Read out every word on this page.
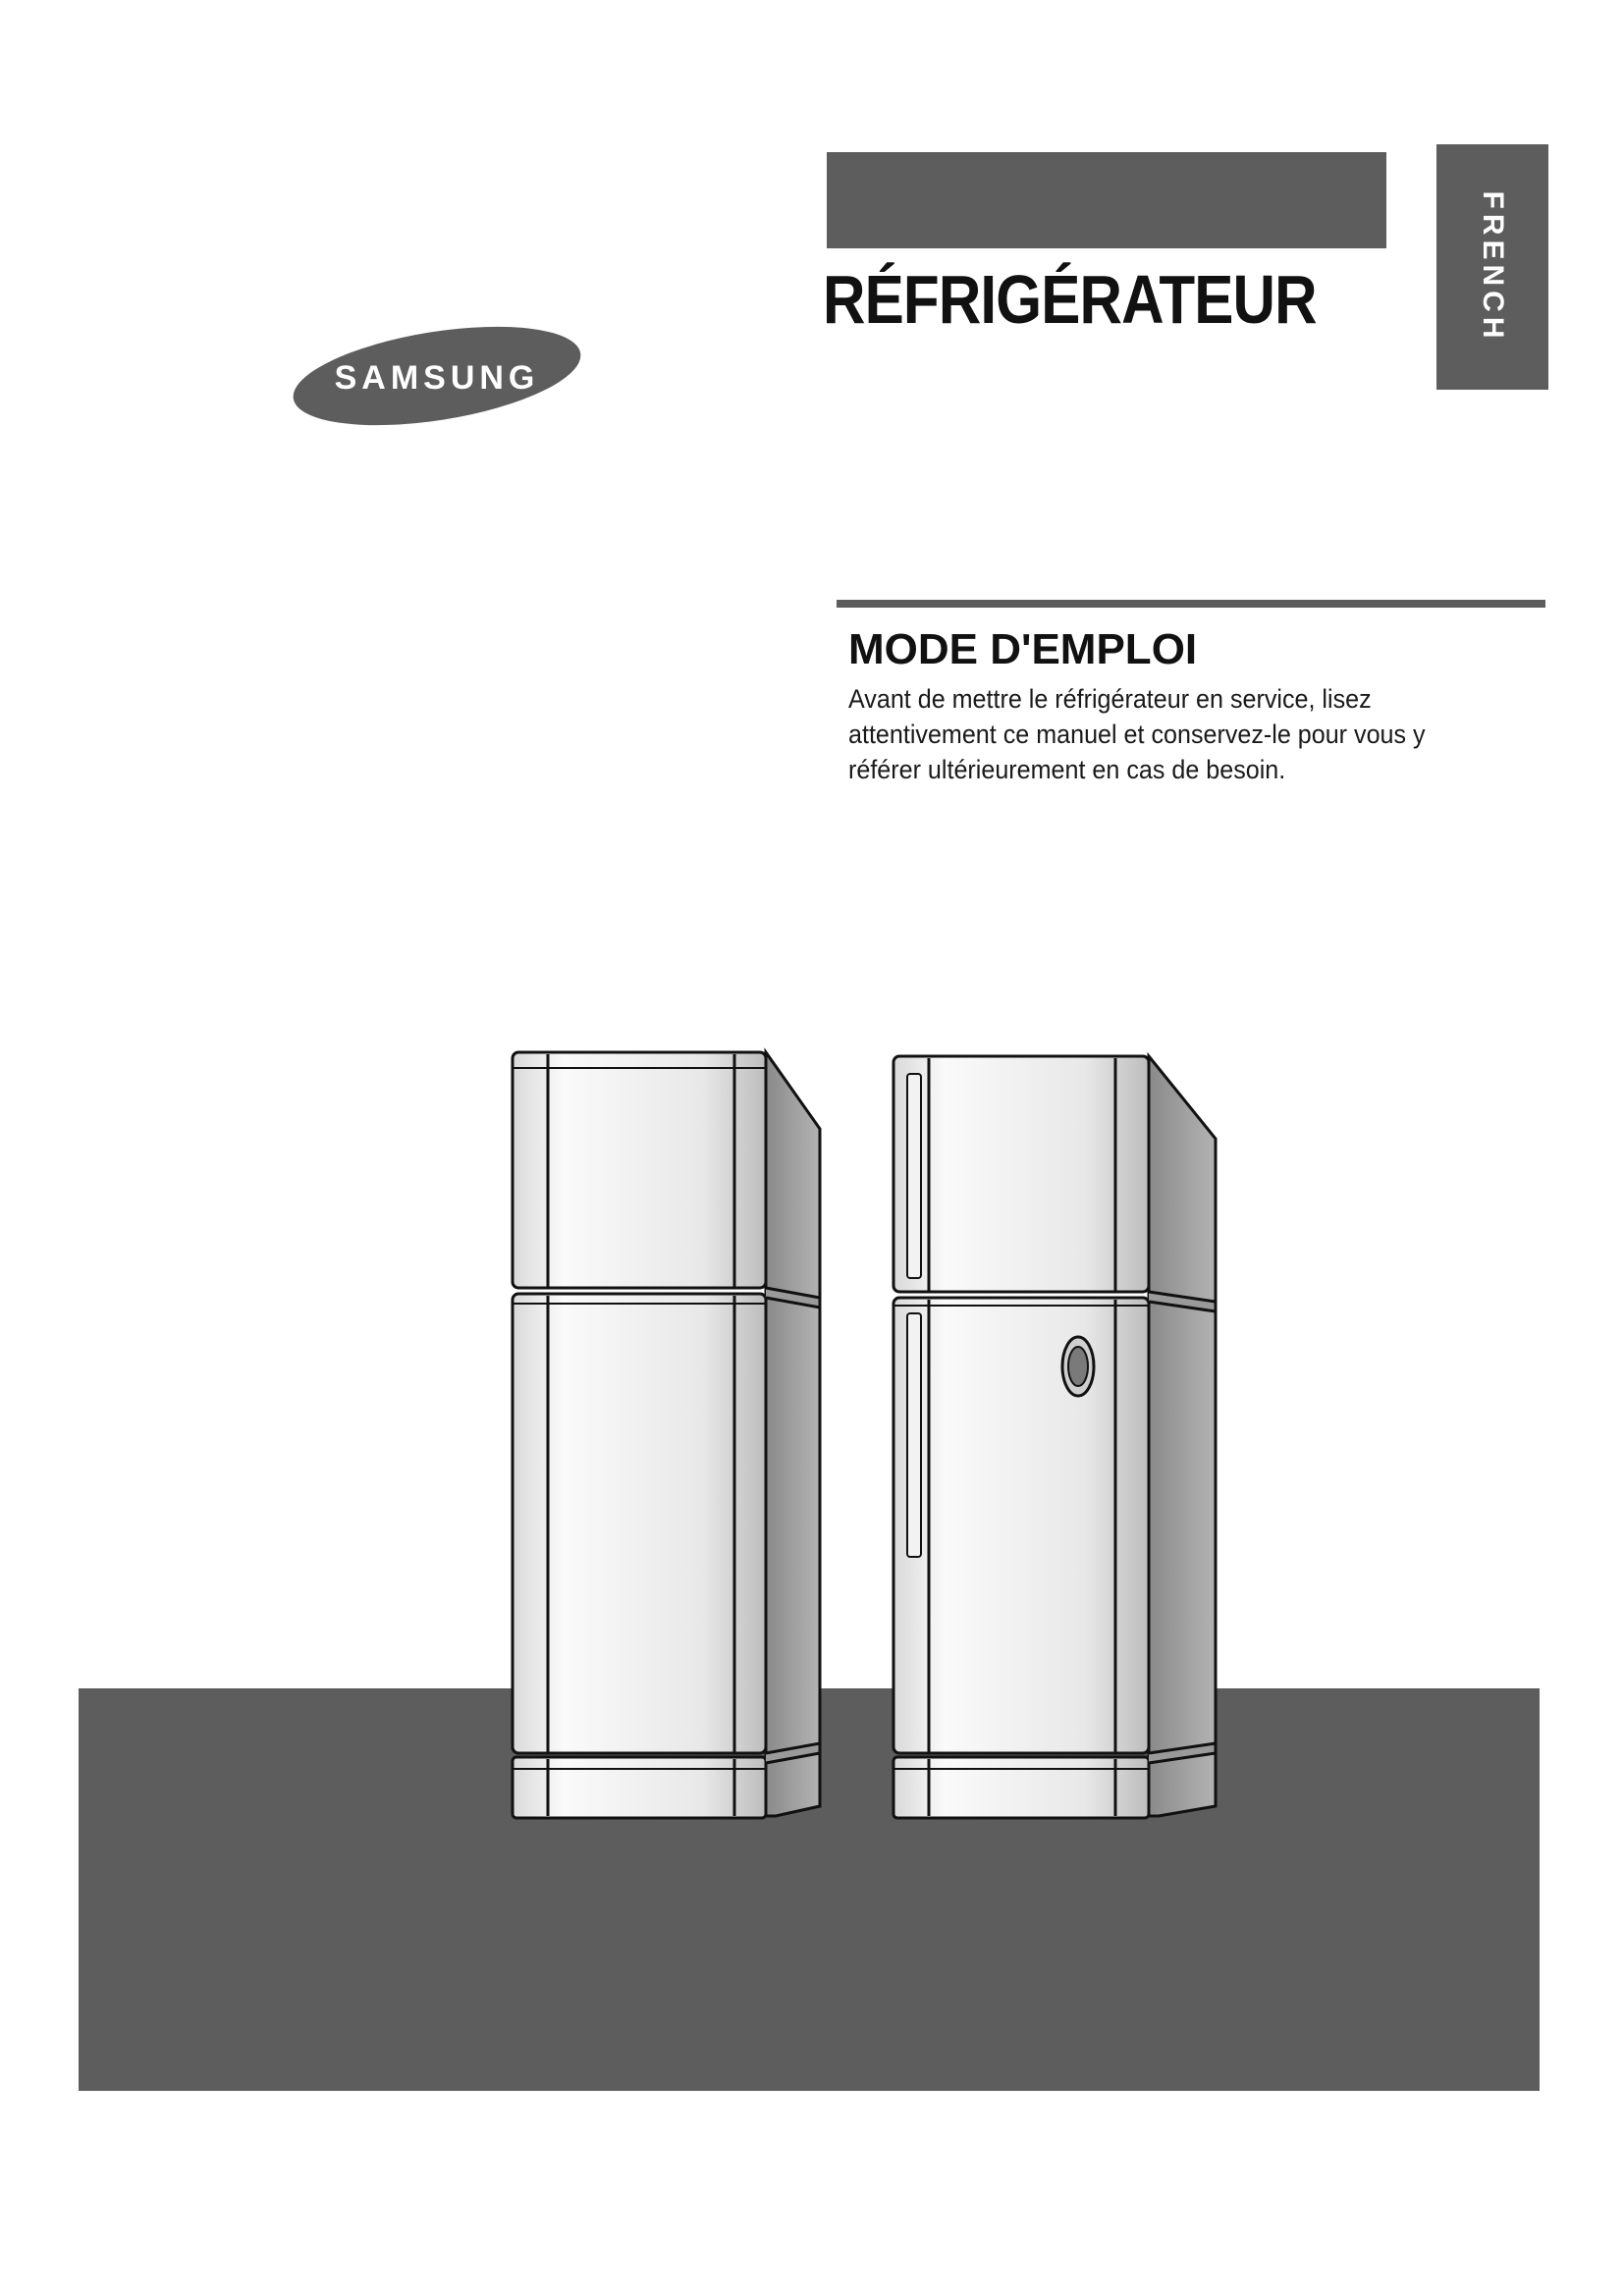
RÉFRIGÉRATEUR	FRENCH
SAMSUNG
MODE D'EMPLOI
Avant de mettre le réfrigérateur en service, lisez
attentivement ce manuel et conservez-le pour vous y
référer ultérieurement en cas de besoin.
